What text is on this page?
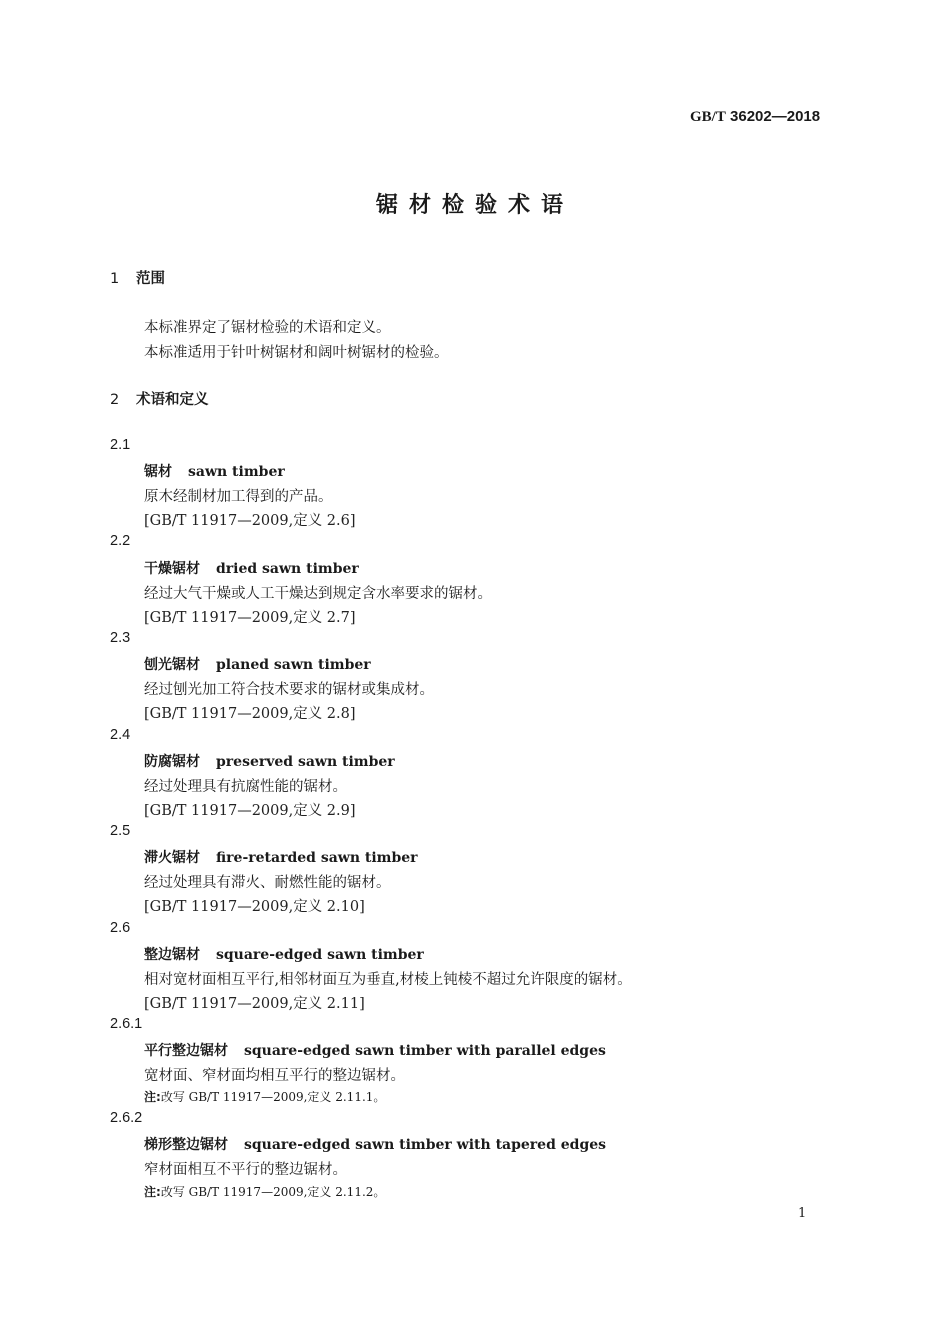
GB/T 36202—2018
锯材检验术语
1 范围
本标准界定了锯材检验的术语和定义。
本标准适用于针叶树锯材和阔叶树锯材的检验。
2 术语和定义
2.1
锯材 sawn timber
原木经制材加工得到的产品。
[GB/T 11917—2009,定义 2.6]
2.2
干燥锯材 dried sawn timber
经过大气干燥或人工干燥达到规定含水率要求的锯材。
[GB/T 11917—2009,定义 2.7]
2.3
刨光锯材 planed sawn timber
经过刨光加工符合技术要求的锯材或集成材。
[GB/T 11917—2009,定义 2.8]
2.4
防腐锯材 preserved sawn timber
经过处理具有抗腐性能的锯材。
[GB/T 11917—2009,定义 2.9]
2.5
滞火锯材 fire-retarded sawn timber
经过处理具有滞火、耐燃性能的锯材。
[GB/T 11917—2009,定义 2.10]
2.6
整边锯材 square-edged sawn timber
相对宽材面相互平行,相邻材面互为垂直,材棱上钝棱不超过允许限度的锯材。
[GB/T 11917—2009,定义 2.11]
2.6.1
平行整边锯材 square-edged sawn timber with parallel edges
宽材面、窄材面均相互平行的整边锯材。
注:改写 GB/T 11917—2009,定义 2.11.1。
2.6.2
梯形整边锯材 square-edged sawn timber with tapered edges
窄材面相互不平行的整边锯材。
注:改写 GB/T 11917—2009,定义 2.11.2。
1
